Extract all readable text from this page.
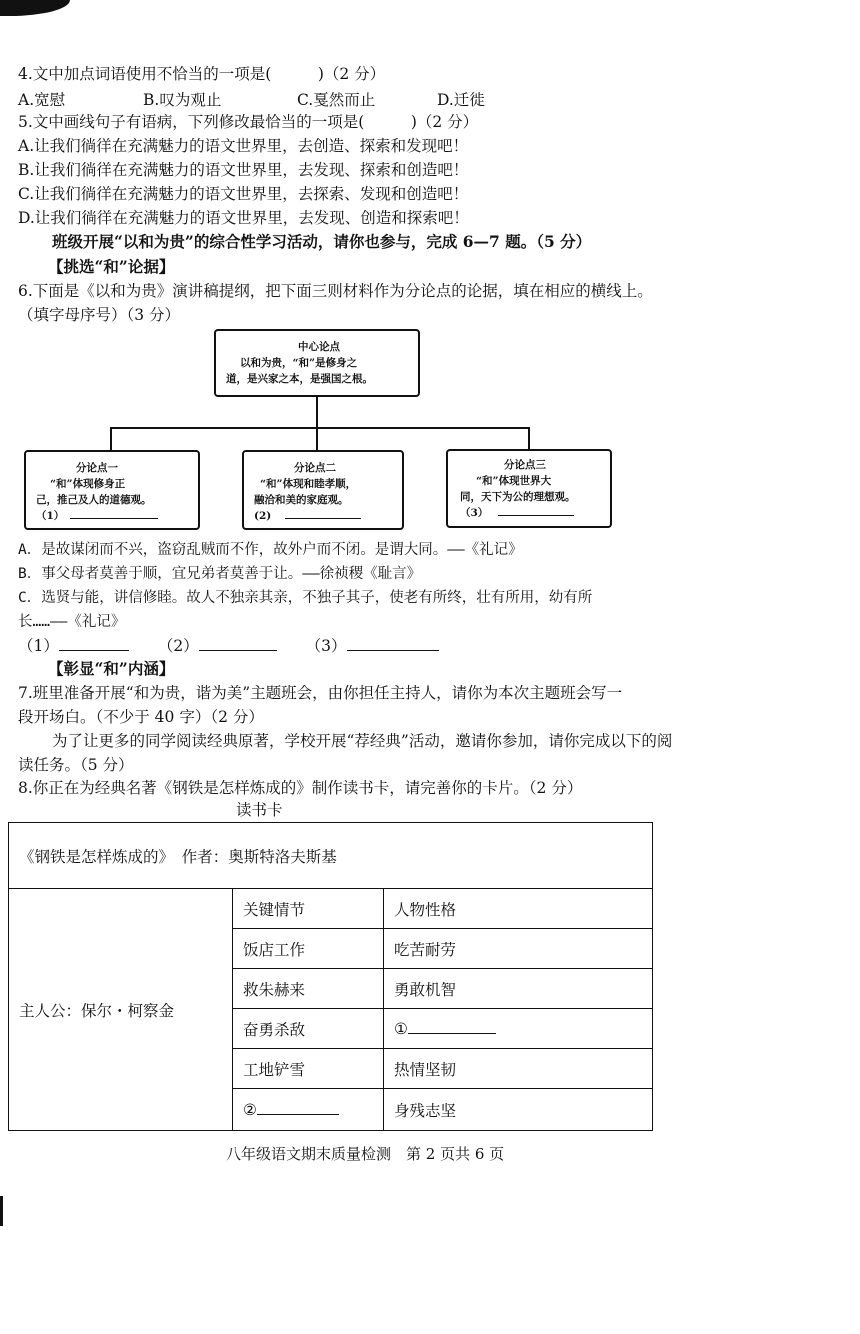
4.文中加点词语使用不恰当的一项是(　　　)（2 分）
A.宽慰	B.叹为观止	C.戛然而止	D.迁徙
5.文中画线句子有语病，下列修改最恰当的一项是(　　　)（2 分）
A.让我们徜徉在充满魅力的语文世界里，去创造、探索和发现吧！
B.让我们徜徉在充满魅力的语文世界里，去发现、探索和创造吧！
C.让我们徜徉在充满魅力的语文世界里，去探索、发现和创造吧！
D.让我们徜徉在充满魅力的语文世界里，去发现、创造和探索吧！
班级开展“以和为贵”的综合性学习活动，请你也参与，完成 6—7 题。（5 分）
【挑选“和”论据】
6.下面是《以和为贵》演讲稿提纲，把下面三则材料作为分论点的论据，填在相应的横线上。
（填字母序号）（3 分）
中心论点
以和为贵，“和”是修身之
道，是兴家之本，是强国之根。
分论点一
“和”体现修身正
己，推己及人的道德观。
（1）
分论点二
“和”体现和睦孝顺，
融洽和美的家庭观。
(2)
分论点三
“和”体现世界大
同，天下为公的理想观。
（3）
A．是故谋闭而不兴，盗窃乱贼而不作，故外户而不闭。是谓大同。——《礼记》
B．事父母者莫善于顺，宜兄弟者莫善于让。——徐祯稷《耻言》
C．选贤与能，讲信修睦。故人不独亲其亲，不独子其子，使老有所终，壮有所用，幼有所
长……——《礼记》
（1）	（2）	（3）
【彰显“和”内涵】
7.班里准备开展“和为贵，谐为美”主题班会，由你担任主持人，请你为本次主题班会写一
段开场白。（不少于 40 字）（2 分）
为了让更多的同学阅读经典原著，学校开展“荐经典”活动，邀请你参加，请你完成以下的阅
读任务。（5 分）
8.你正在为经典名著《钢铁是怎样炼成的》制作读书卡，请完善你的卡片。（2 分）
读书卡
《钢铁是怎样炼成的》　作者：奥斯特洛夫斯基		
主人公：保尔・柯察金	关键情节	人物性格
	饭店工作	吃苦耐劳
	救朱赫来	勇敢机智
	奋勇杀敌	①
	工地铲雪	热情坚韧
	②	身残志坚
八年级语文期末质量检测　第 2 页共 6 页
